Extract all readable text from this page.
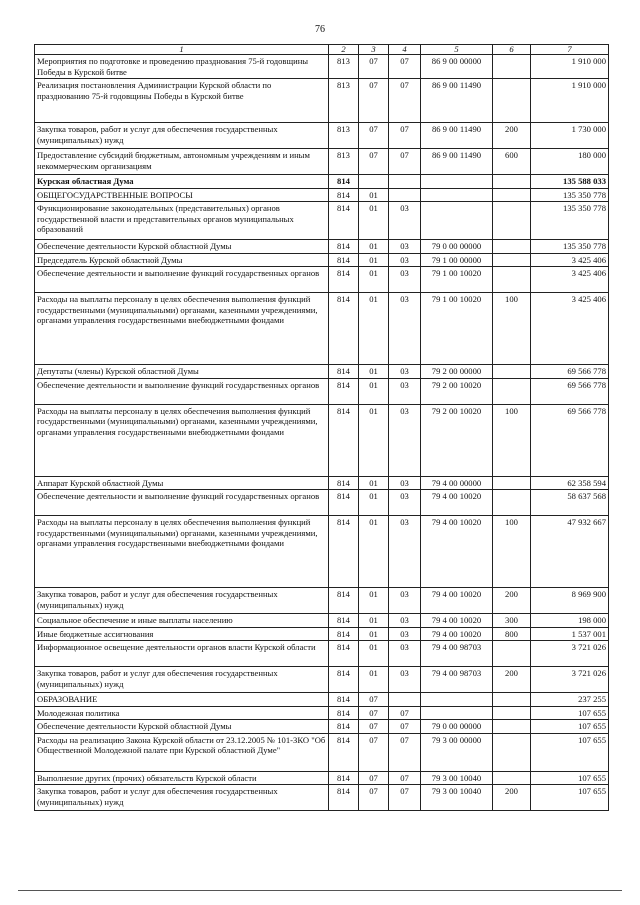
76
1	2	3	4	5	6	7
Мероприятия по подготовке и проведению празднования 75-й годовщины Победы в Курской битве	813	07	07	86 9 00 00000		1 910 000
Реализация постановления Администрации Курской области по празднованию 75-й годовщины Победы в Курской битве	813	07	07	86 9 00 11490		1 910 000
Закупка товаров, работ и услуг для обеспечения государственных (муниципальных) нужд	813	07	07	86 9 00 11490	200	1 730 000
Предоставление субсидий бюджетным, автономным учреждениям и иным некоммерческим организациям	813	07	07	86 9 00 11490	600	180 000
Курская областная Дума	814					135 588 033
ОБЩЕГОСУДАРСТВЕННЫЕ ВОПРОСЫ	814	01				135 350 778
Функционирование законодательных (представительных) органов государственной власти и представительных органов муниципальных образований	814	01	03			135 350 778
Обеспечение деятельности Курской областной Думы	814	01	03	79 0 00 00000		135 350 778
Председатель Курской областной Думы	814	01	03	79 1 00 00000		3 425 406
Обеспечение деятельности и выполнение функций государственных органов	814	01	03	79 1 00 10020		3 425 406
Расходы на выплаты персоналу в целях обеспечения выполнения функций государственными (муниципальными) органами, казенными учреждениями, органами управления государственными внебюджетными фондами	814	01	03	79 1 00 10020	100	3 425 406
Депутаты (члены) Курской областной Думы	814	01	03	79 2 00 00000		69 566 778
Обеспечение деятельности и выполнение функций государственных органов	814	01	03	79 2 00 10020		69 566 778
Расходы на выплаты персоналу в целях обеспечения выполнения функций государственными (муниципальными) органами, казенными учреждениями, органами управления государственными внебюджетными фондами	814	01	03	79 2 00 10020	100	69 566 778
Аппарат Курской областной Думы	814	01	03	79 4 00 00000		62 358 594
Обеспечение деятельности и выполнение функций государственных органов	814	01	03	79 4 00 10020		58 637 568
Расходы на выплаты персоналу в целях обеспечения выполнения функций государственными (муниципальными) органами, казенными учреждениями, органами управления государственными внебюджетными фондами	814	01	03	79 4 00 10020	100	47 932 667
Закупка товаров, работ и услуг для обеспечения государственных (муниципальных) нужд	814	01	03	79 4 00 10020	200	8 969 900
Социальное обеспечение и иные выплаты населению	814	01	03	79 4 00 10020	300	198 000
Иные бюджетные ассигнования	814	01	03	79 4 00 10020	800	1 537 001
Информационное освещение деятельности органов власти Курской области	814	01	03	79 4 00 98703		3 721 026
Закупка товаров, работ и услуг для обеспечения государственных (муниципальных) нужд	814	01	03	79 4 00 98703	200	3 721 026
ОБРАЗОВАНИЕ	814	07				237 255
Молодежная политика	814	07	07			107 655
Обеспечение деятельности Курской областной Думы	814	07	07	79 0 00 00000		107 655
Расходы на реализацию Закона Курской области от 23.12.2005 № 101-ЗКО "Об Общественной Молодежной палате при Курской областной Думе"	814	07	07	79 3 00 00000		107 655
Выполнение других (прочих) обязательств Курской области	814	07	07	79 3 00 10040		107 655
Закупка товаров, работ и услуг для обеспечения государственных (муниципальных) нужд	814	07	07	79 3 00 10040	200	107 655
